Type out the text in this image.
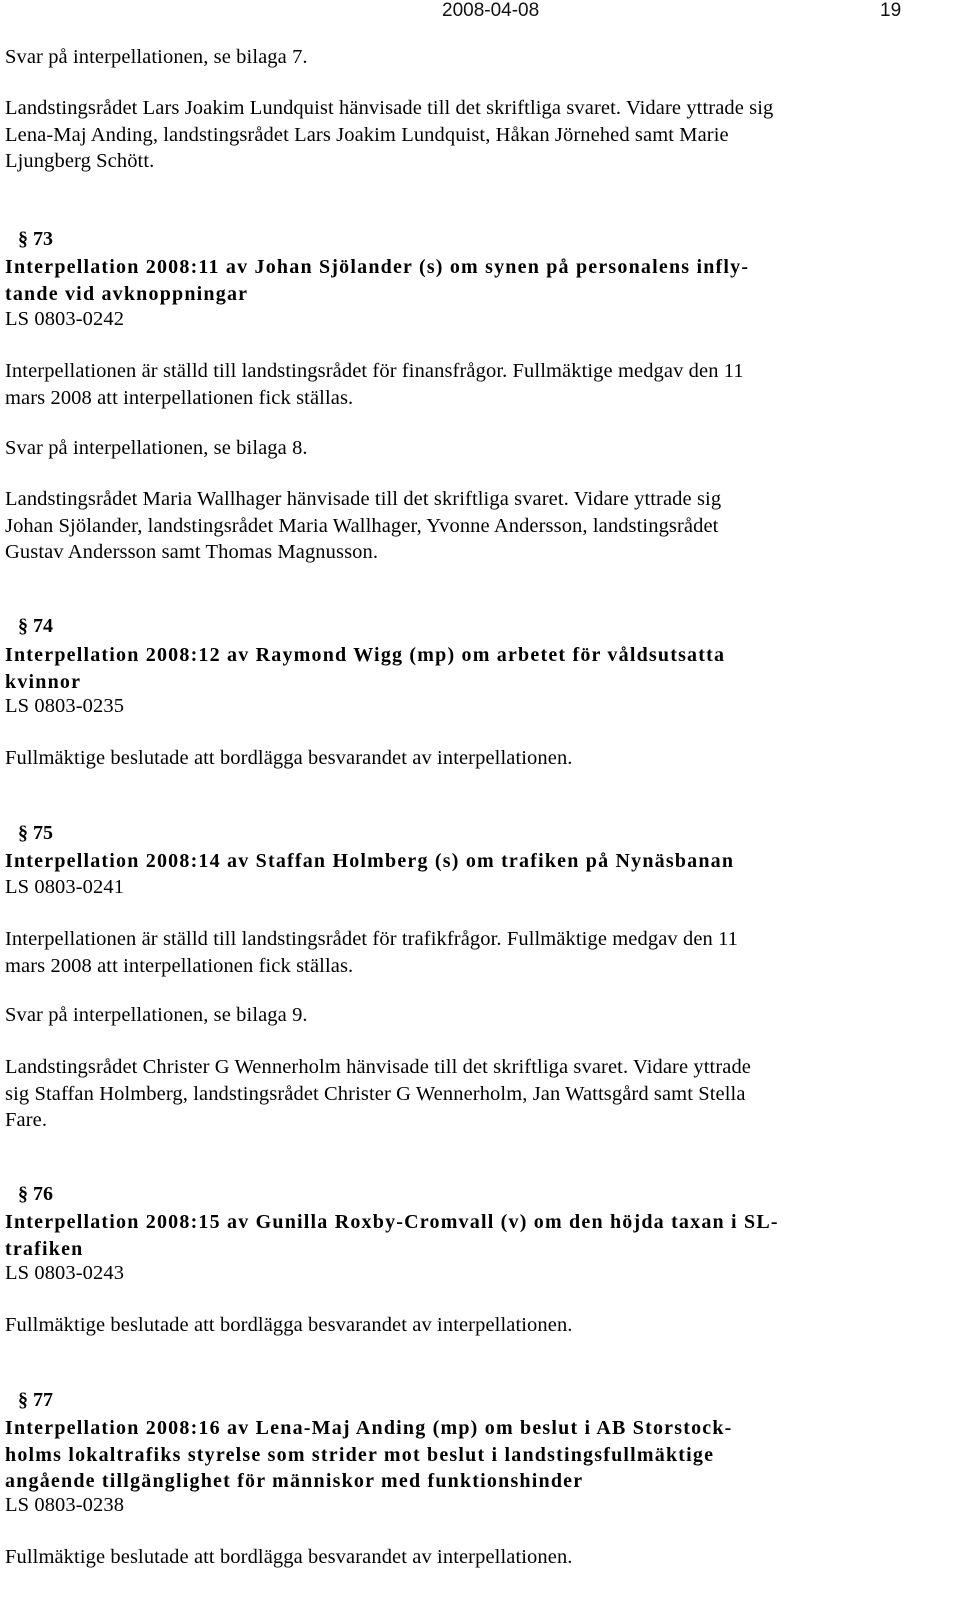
2008-04-08	19

Svar på interpellationen, se bilaga 7.

Landstingsrådet Lars Joakim Lundquist hänvisade till det skriftliga svaret. Vidare yttrade sig
Lena-Maj Anding, landstingsrådet Lars Joakim Lundquist, Håkan Jörnehed samt Marie
Ljungberg Schött.

§ 73

Interpellation 2008:11 av Johan Sjölander (s) om synen på personalens infly-
tande vid avknoppningar

LS 0803-0242

Interpellationen är ställd till landstingsrådet för finansfrågor. Fullmäktige medgav den 11
mars 2008 att interpellationen fick ställas.

Svar på interpellationen, se bilaga 8.

Landstingsrådet Maria Wallhager hänvisade till det skriftliga svaret. Vidare yttrade sig
Johan Sjölander, landstingsrådet Maria Wallhager, Yvonne Andersson, landstingsrådet
Gustav Andersson samt Thomas Magnusson.

§ 74

Interpellation 2008:12 av Raymond Wigg (mp) om arbetet för våldsutsatta
kvinnor

LS 0803-0235

Fullmäktige beslutade att bordlägga besvarandet av interpellationen.

§ 75

Interpellation 2008:14 av Staffan Holmberg (s) om trafiken på Nynäsbanan

LS 0803-0241

Interpellationen är ställd till landstingsrådet för trafikfrågor. Fullmäktige medgav den 11
mars 2008 att interpellationen fick ställas.

Svar på interpellationen, se bilaga 9.

Landstingsrådet Christer G Wennerholm hänvisade till det skriftliga svaret. Vidare yttrade
sig Staffan Holmberg, landstingsrådet Christer G Wennerholm, Jan Wattsgård samt Stella
Fare.

§ 76

Interpellation 2008:15 av Gunilla Roxby-Cromvall (v) om den höjda taxan i SL-
trafiken

LS 0803-0243

Fullmäktige beslutade att bordlägga besvarandet av interpellationen.

§ 77

Interpellation 2008:16 av Lena-Maj Anding (mp) om beslut i AB Storstock-
holms lokaltrafiks styrelse som strider mot beslut i landstingsfullmäktige
angående tillgänglighet för människor med funktionshinder

LS 0803-0238

Fullmäktige beslutade att bordlägga besvarandet av interpellationen.
